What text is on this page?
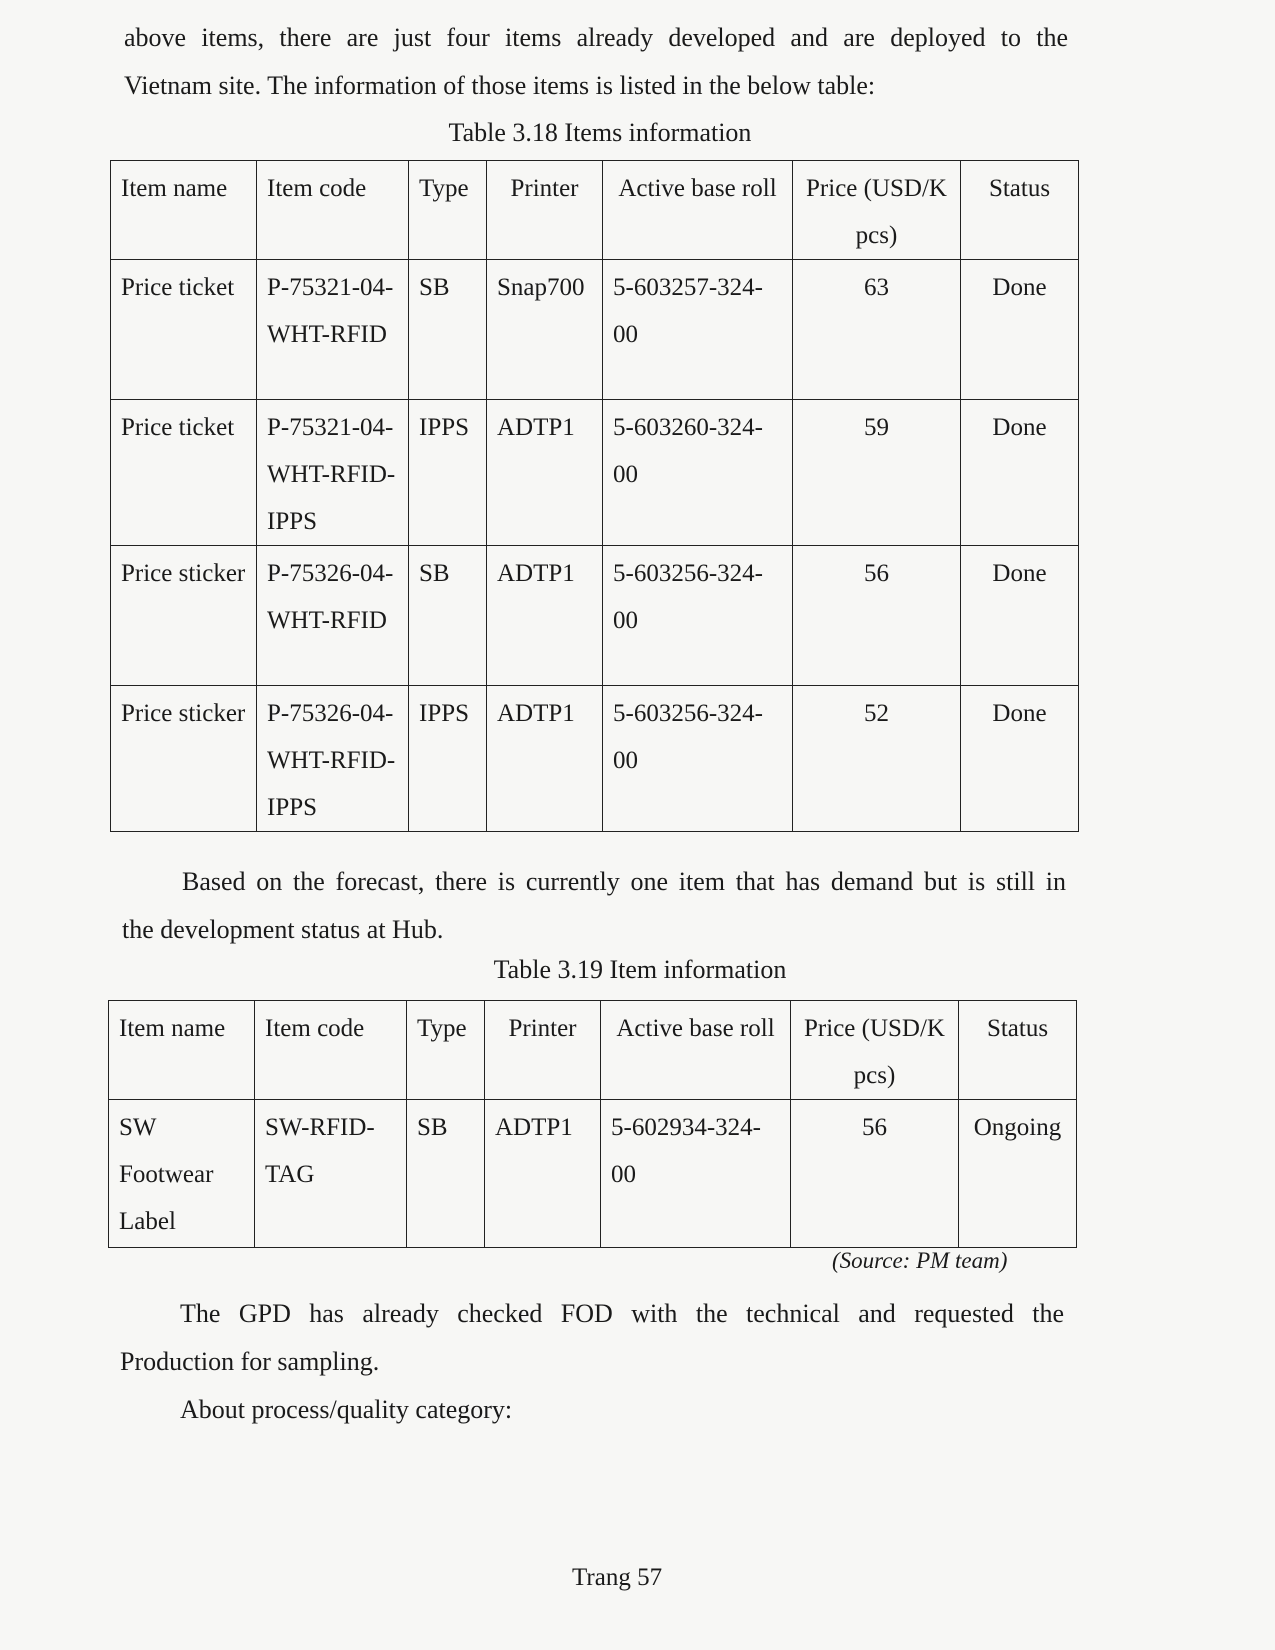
above items, there are just four items already developed and are deployed to the
Vietnam site. The information of those items is listed in the below table:
Table 3.18 Items information
Item name	Item code	Type	Printer	Active base roll	Price (USD/K pcs)	Status
Price ticket	P-75321-04-WHT-RFID	SB	Snap700	5-603257-324-00	63	Done
Price ticket	P-75321-04-WHT-RFID-IPPS	IPPS	ADTP1	5-603260-324-00	59	Done
Price sticker	P-75326-04-WHT-RFID	SB	ADTP1	5-603256-324-00	56	Done
Price sticker	P-75326-04-WHT-RFID-IPPS	IPPS	ADTP1	5-603256-324-00	52	Done
Based on the forecast, there is currently one item that has demand but is still in
the development status at Hub.
Table 3.19 Item information
Item name	Item code	Type	Printer	Active base roll	Price (USD/K pcs)	Status
SW Footwear Label	SW-RFID-TAG	SB	ADTP1	5-602934-324-00	56	Ongoing
(Source: PM team)
The GPD has already checked FOD with the technical and requested the
Production for sampling.
About process/quality category:
Trang 57
